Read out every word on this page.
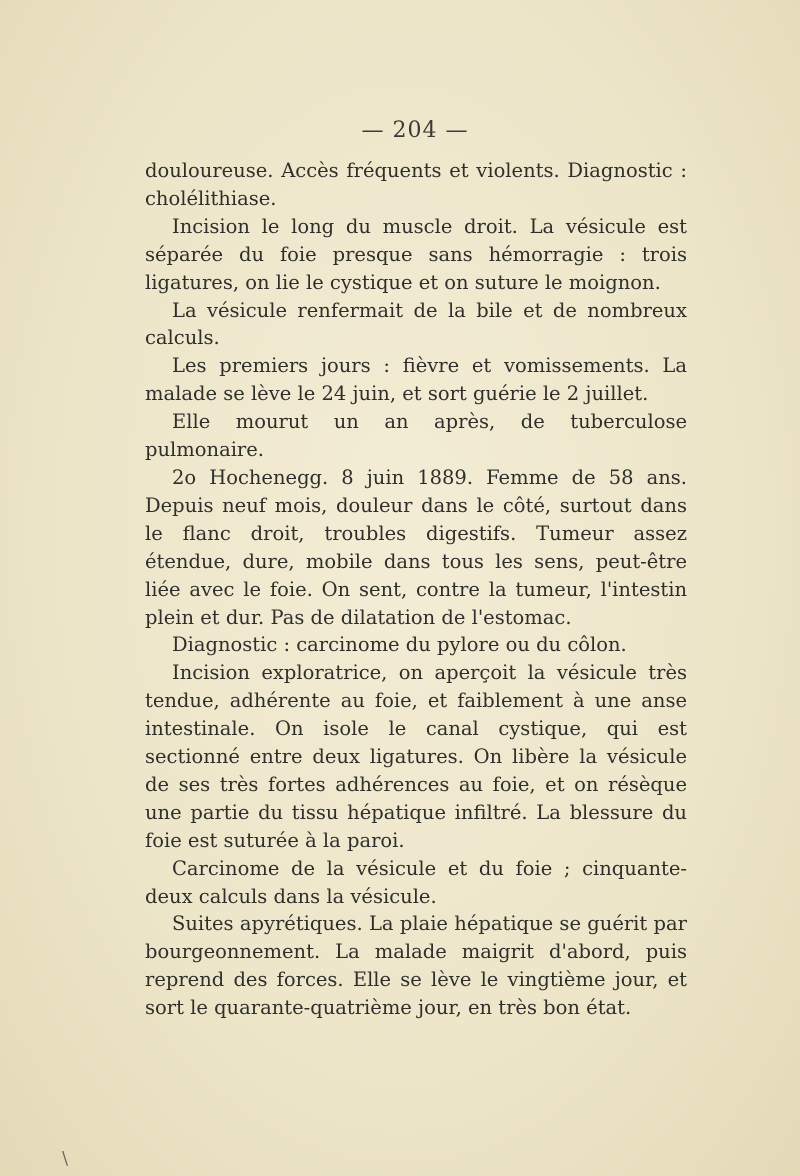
— 204 —

douloureuse. Accès fréquents et violents. Diagnostic : cholélithiase.

Incision le long du muscle droit. La vésicule est séparée du foie presque sans hémorragie : trois ligatures, on lie le cystique et on suture le moignon.

La vésicule renfermait de la bile et de nombreux calculs.

Les premiers jours : fièvre et vomissements. La malade se lève le 24 juin, et sort guérie le 2 juillet.

Elle mourut un an après, de tuberculose pulmonaire.

2o Hochenegg. 8 juin 1889. Femme de 58 ans. Depuis neuf mois, douleur dans le côté, surtout dans le flanc droit, troubles digestifs. Tumeur assez étendue, dure, mobile dans tous les sens, peut-être liée avec le foie. On sent, contre la tumeur, l'intestin plein et dur. Pas de dilatation de l'estomac.

Diagnostic : carcinome du pylore ou du côlon.

Incision exploratrice, on aperçoit la vésicule très tendue, adhérente au foie, et faiblement à une anse intestinale. On isole le canal cystique, qui est sectionné entre deux ligatures. On libère la vésicule de ses très fortes adhérences au foie, et on résèque une partie du tissu hépatique infiltré. La blessure du foie est suturée à la paroi.

Carcinome de la vésicule et du foie ; cinquante-deux calculs dans la vésicule.

Suites apyrétiques. La plaie hépatique se guérit par bourgeonnement. La malade maigrit d'abord, puis reprend des forces. Elle se lève le vingtième jour, et sort le quarante-quatrième jour, en très bon état.

\
